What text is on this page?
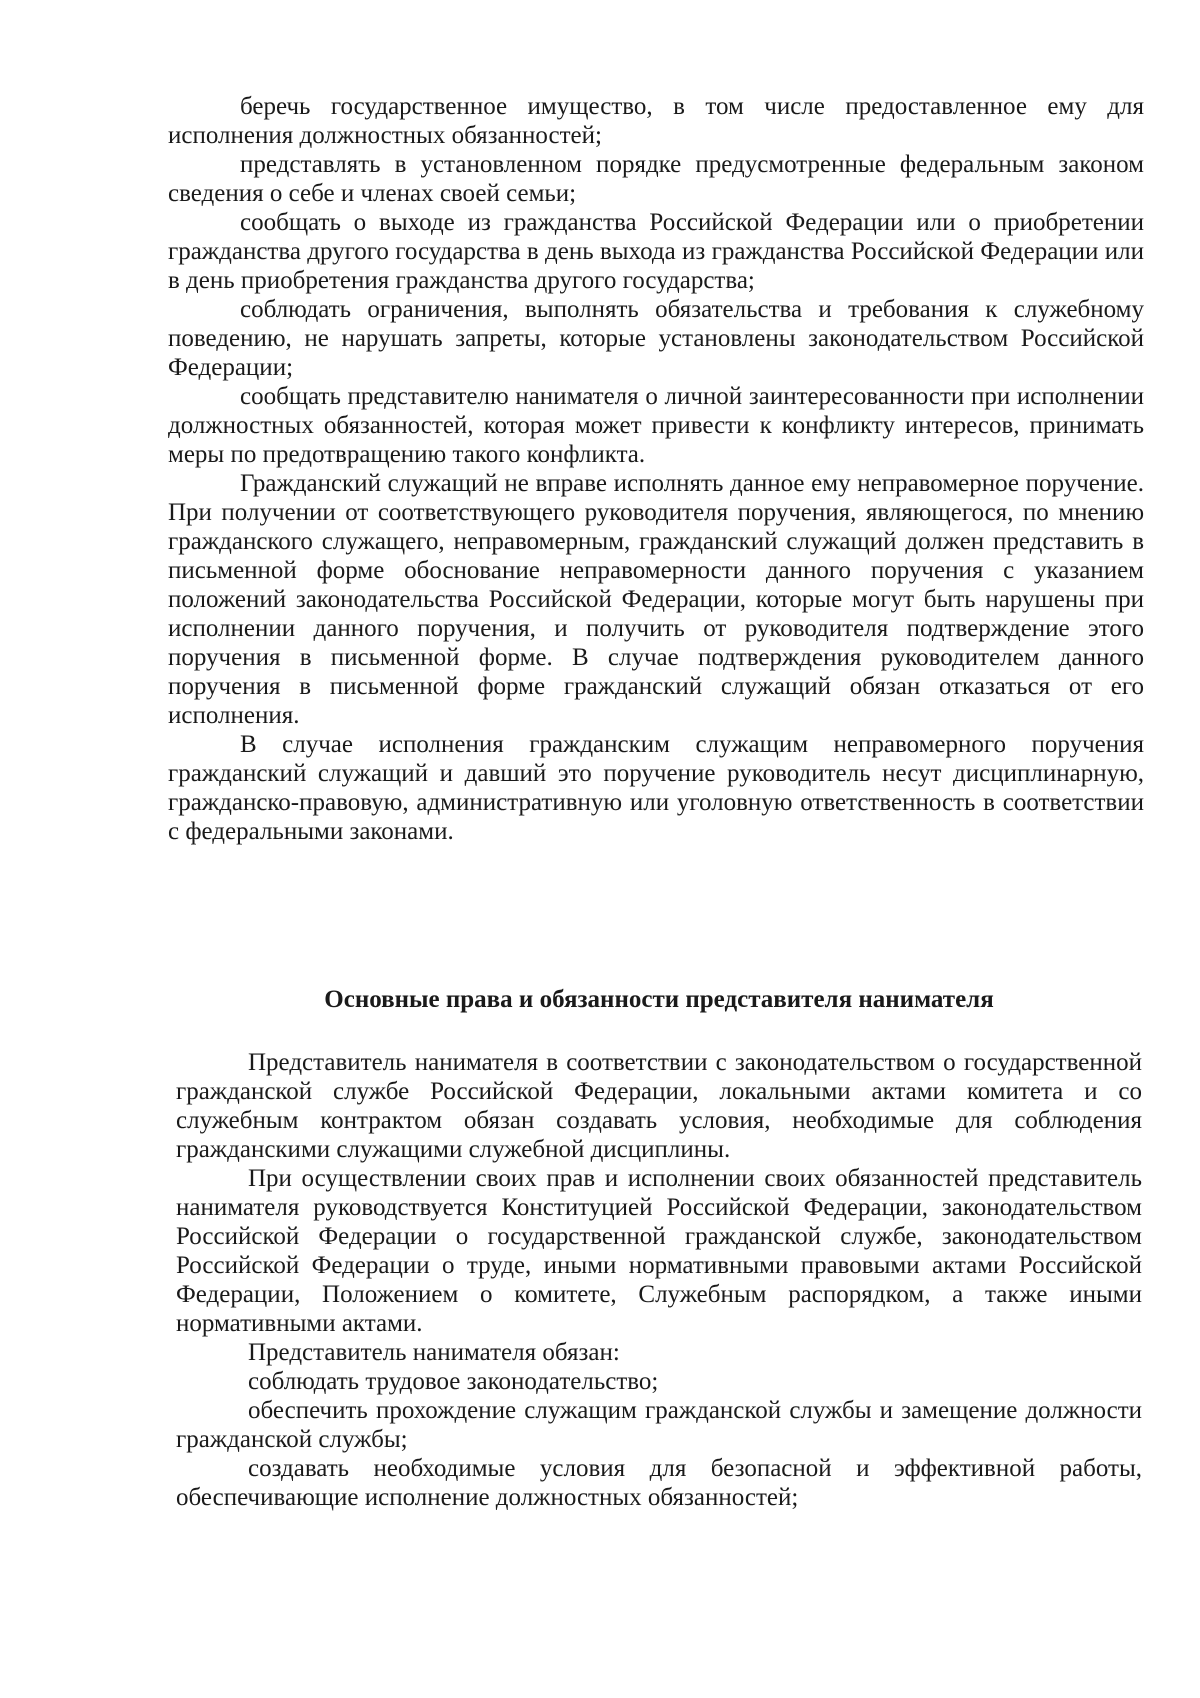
беречь государственное имущество, в том числе предоставленное ему для исполнения должностных обязанностей;

представлять в установленном порядке предусмотренные федеральным законом сведения о себе и членах своей семьи;

сообщать о выходе из гражданства Российской Федерации или о приобретении гражданства другого государства в день выхода из гражданства Российской Федерации или в день приобретения гражданства другого государства;

соблюдать ограничения, выполнять обязательства и требования к служебному поведению, не нарушать запреты, которые установлены законодательством Российской Федерации;

сообщать представителю нанимателя о личной заинтересованности при исполнении должностных обязанностей, которая может привести к конфликту интересов, принимать меры по предотвращению такого конфликта.

Гражданский служащий не вправе исполнять данное ему неправомерное поручение. При получении от соответствующего руководителя поручения, являющегося, по мнению гражданского служащего, неправомерным, гражданский служащий должен представить в письменной форме обоснование неправомерности данного поручения с указанием положений законодательства Российской Федерации, которые могут быть нарушены при исполнении данного поручения, и получить от руководителя подтверждение этого поручения в письменной форме. В случае подтверждения руководителем данного поручения в письменной форме гражданский служащий обязан отказаться от его исполнения.

В случае исполнения гражданским служащим неправомерного поручения гражданский служащий и давший это поручение руководитель несут дисциплинарную, гражданско-правовую, административную или уголовную ответственность в соответствии с федеральными законами.

Основные права и обязанности представителя нанимателя

Представитель нанимателя в соответствии с законодательством о государственной гражданской службе Российской Федерации, локальными актами комитета и со служебным контрактом обязан создавать условия, необходимые для соблюдения гражданскими служащими служебной дисциплины.

При осуществлении своих прав и исполнении своих обязанностей представитель нанимателя руководствуется Конституцией Российской Федерации, законодательством Российской Федерации о государственной гражданской службе, законодательством Российской Федерации о труде, иными нормативными правовыми актами Российской Федерации, Положением о комитете, Служебным распорядком, а также иными нормативными актами.

Представитель нанимателя обязан:

соблюдать трудовое законодательство;

обеспечить прохождение служащим гражданской службы и замещение должности гражданской службы;

создавать необходимые условия для безопасной и эффективной работы, обеспечивающие исполнение должностных обязанностей;
